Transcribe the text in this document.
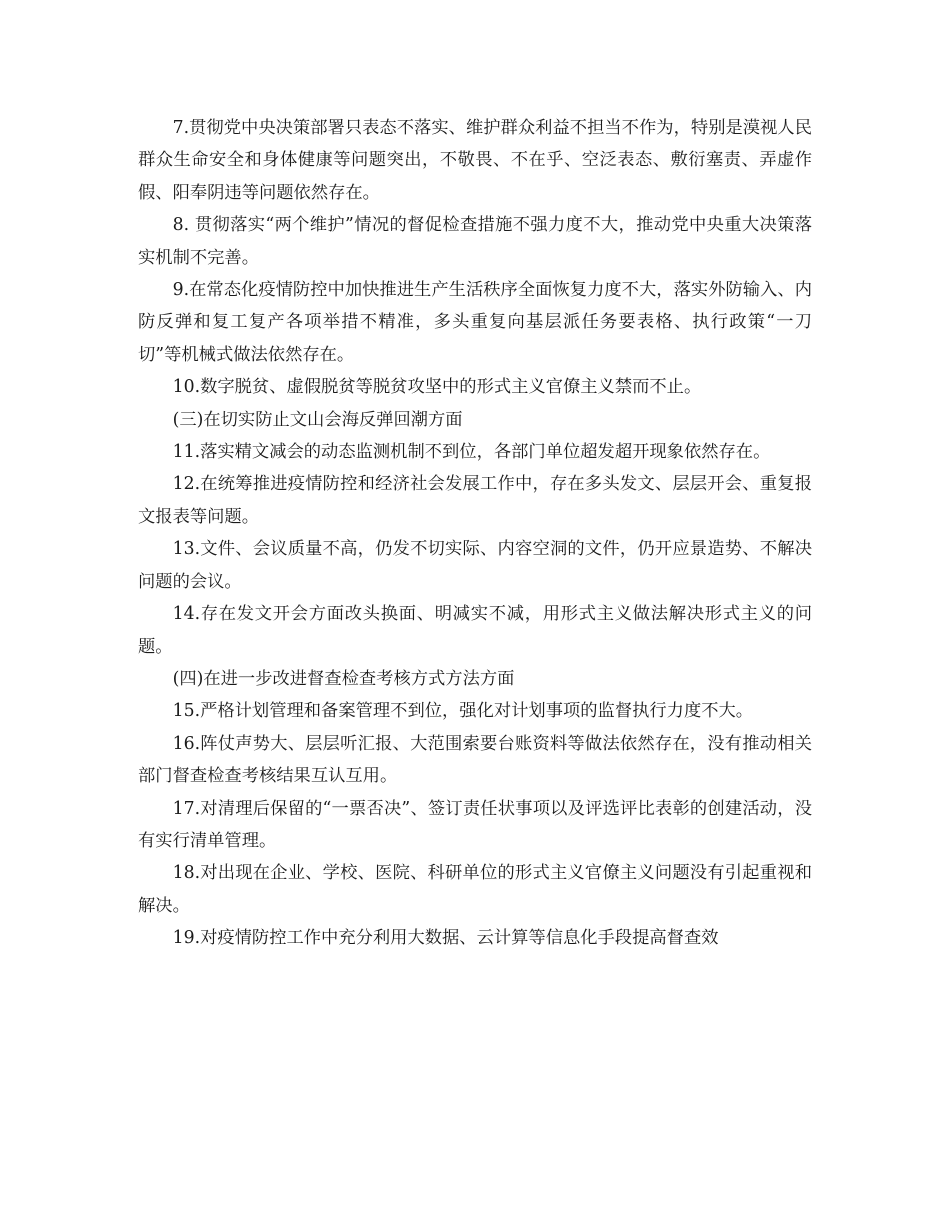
7.贯彻党中央决策部署只表态不落实、维护群众利益不担当不作为，特别是漠视人民群众生命安全和身体健康等问题突出，不敬畏、不在乎、空泛表态、敷衍塞责、弄虚作假、阳奉阴违等问题依然存在。

8. 贯彻落实“两个维护”情况的督促检查措施不强力度不大，推动党中央重大决策落实机制不完善。

9.在常态化疫情防控中加快推进生产生活秩序全面恢复力度不大，落实外防输入、内防反弹和复工复产各项举措不精准，多头重复向基层派任务要表格、执行政策“一刀切”等机械式做法依然存在。

10.数字脱贫、虚假脱贫等脱贫攻坚中的形式主义官僚主义禁而不止。

(三)在切实防止文山会海反弹回潮方面

11.落实精文减会的动态监测机制不到位，各部门单位超发超开现象依然存在。

12.在统筹推进疫情防控和经济社会发展工作中，存在多头发文、层层开会、重复报文报表等问题。

13.文件、会议质量不高，仍发不切实际、内容空洞的文件，仍开应景造势、不解决问题的会议。

14.存在发文开会方面改头换面、明减实不减，用形式主义做法解决形式主义的问题。

(四)在进一步改进督查检查考核方式方法方面

15.严格计划管理和备案管理不到位，强化对计划事项的监督执行力度不大。

16.阵仗声势大、层层听汇报、大范围索要台账资料等做法依然存在，没有推动相关部门督查检查考核结果互认互用。

17.对清理后保留的“一票否决”、签订责任状事项以及评选评比表彰的创建活动，没有实行清单管理。

18.对出现在企业、学校、医院、科研单位的形式主义官僚主义问题没有引起重视和解决。

19.对疫情防控工作中充分利用大数据、云计算等信息化手段提高督查效
